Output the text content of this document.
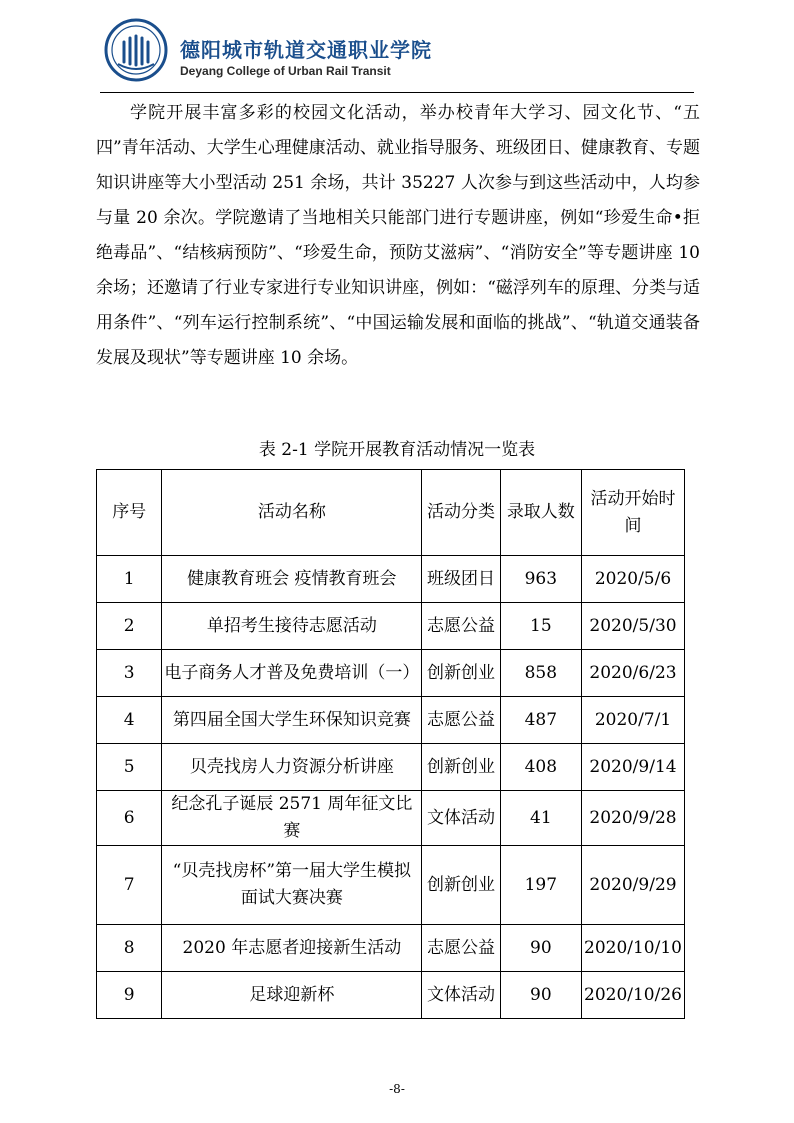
德阳城市轨道交通职业学院
Deyang College of Urban Rail Transit

学院开展丰富多彩的校园文化活动，举办校青年大学习、园文化节、“五四”青年活动、大学生心理健康活动、就业指导服务、班级团日、健康教育、专题知识讲座等大小型活动 251 余场，共计 35227 人次参与到这些活动中，人均参与量 20 余次。学院邀请了当地相关只能部门进行专题讲座，例如“珍爱生命•拒绝毒品”、“结核病预防”、“珍爱生命，预防艾滋病”、“消防安全”等专题讲座 10 余场；还邀请了行业专家进行专业知识讲座，例如：“磁浮列车的原理、分类与适用条件”、“列车运行控制系统”、“中国运输发展和面临的挑战”、“轨道交通装备发展及现状”等专题讲座 10 余场。

表 2-1 学院开展教育活动情况一览表
序号	活动名称	活动分类	录取人数	活动开始时间
1	健康教育班会 疫情教育班会	班级团日	963	2020/5/6
2	单招考生接待志愿活动	志愿公益	15	2020/5/30
3	电子商务人才普及免费培训（一）	创新创业	858	2020/6/23
4	第四届全国大学生环保知识竞赛	志愿公益	487	2020/7/1
5	贝壳找房人力资源分析讲座	创新创业	408	2020/9/14
6	纪念孔子诞辰 2571 周年征文比赛	文体活动	41	2020/9/28
7	“贝壳找房杯”第一届大学生模拟面试大赛决赛	创新创业	197	2020/9/29
8	2020 年志愿者迎接新生活动	志愿公益	90	2020/10/10
9	足球迎新杯	文体活动	90	2020/10/26
-8-
